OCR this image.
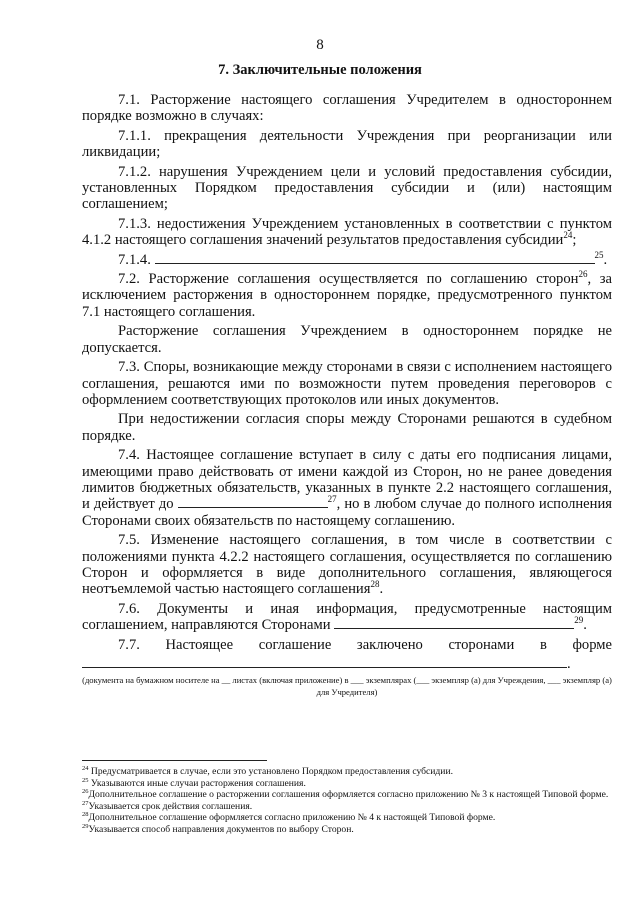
8
7. Заключительные положения

7.1. Расторжение настоящего соглашения Учредителем в одностороннем порядке возможно в случаях:

7.1.1. прекращения деятельности Учреждения при реорганизации или ликвидации;

7.1.2. нарушения Учреждением цели и условий предоставления субсидии, установленных Порядком предоставления субсидии и (или) настоящим соглашением;

7.1.3. недостижения Учреждением установленных в соответствии с пунктом 4.1.2 настоящего соглашения значений результатов предоставления субсидии$^{24}$;

7.1.4.	$^{25}$.

7.2. Расторжение соглашения осуществляется по соглашению сторон$^{26}$, за исключением расторжения в одностороннем порядке, предусмотренного пунктом 7.1 настоящего соглашения.

Расторжение соглашения Учреждением в одностороннем порядке не допускается.

7.3. Споры, возникающие между сторонами в связи с исполнением настоящего соглашения, решаются ими по возможности путем проведения переговоров с оформлением соответствующих протоколов или иных документов.

При недостижении согласия споры между Сторонами решаются в судебном порядке.

7.4. Настоящее соглашение вступает в силу с даты его подписания лицами, имеющими право действовать от имени каждой из Сторон, но не ранее доведения лимитов бюджетных обязательств, указанных в пункте 2.2 настоящего соглашения, и действует до	$^{27}$, но в любом случае до полного исполнения Сторонами своих обязательств по настоящему соглашению.

7.5. Изменение настоящего соглашения, в том числе в соответствии с положениями пункта 4.2.2 настоящего соглашения, осуществляется по соглашению Сторон и оформляется в виде дополнительного соглашения, являющегося неотъемлемой частью настоящего соглашения$^{28}$.

7.6. Документы и иная информация, предусмотренные настоящим соглашением, направляются Сторонами	$^{29}$.

7.7. Настоящее соглашение заключено сторонами в форме

.
(документа на бумажном носителе на __ листах (включая приложение) в ___ экземплярах (___ экземпляр (а) для Учреждения, ___ экземпляр (а) для Учредителя)
$^{24}$ Предусматривается в случае, если это установлено Порядком предоставления субсидии.
$^{25}$ Указываются иные случаи расторжения соглашения.
$^{26}$Дополнительное соглашение о расторжении соглашения оформляется согласно приложению № 3 к настоящей Типовой форме.
$^{27}$Указывается срок действия соглашения.
$^{28}$Дополнительное соглашение оформляется согласно приложению № 4 к настоящей Типовой форме.
$^{29}$Указывается способ направления документов по выбору Сторон.
